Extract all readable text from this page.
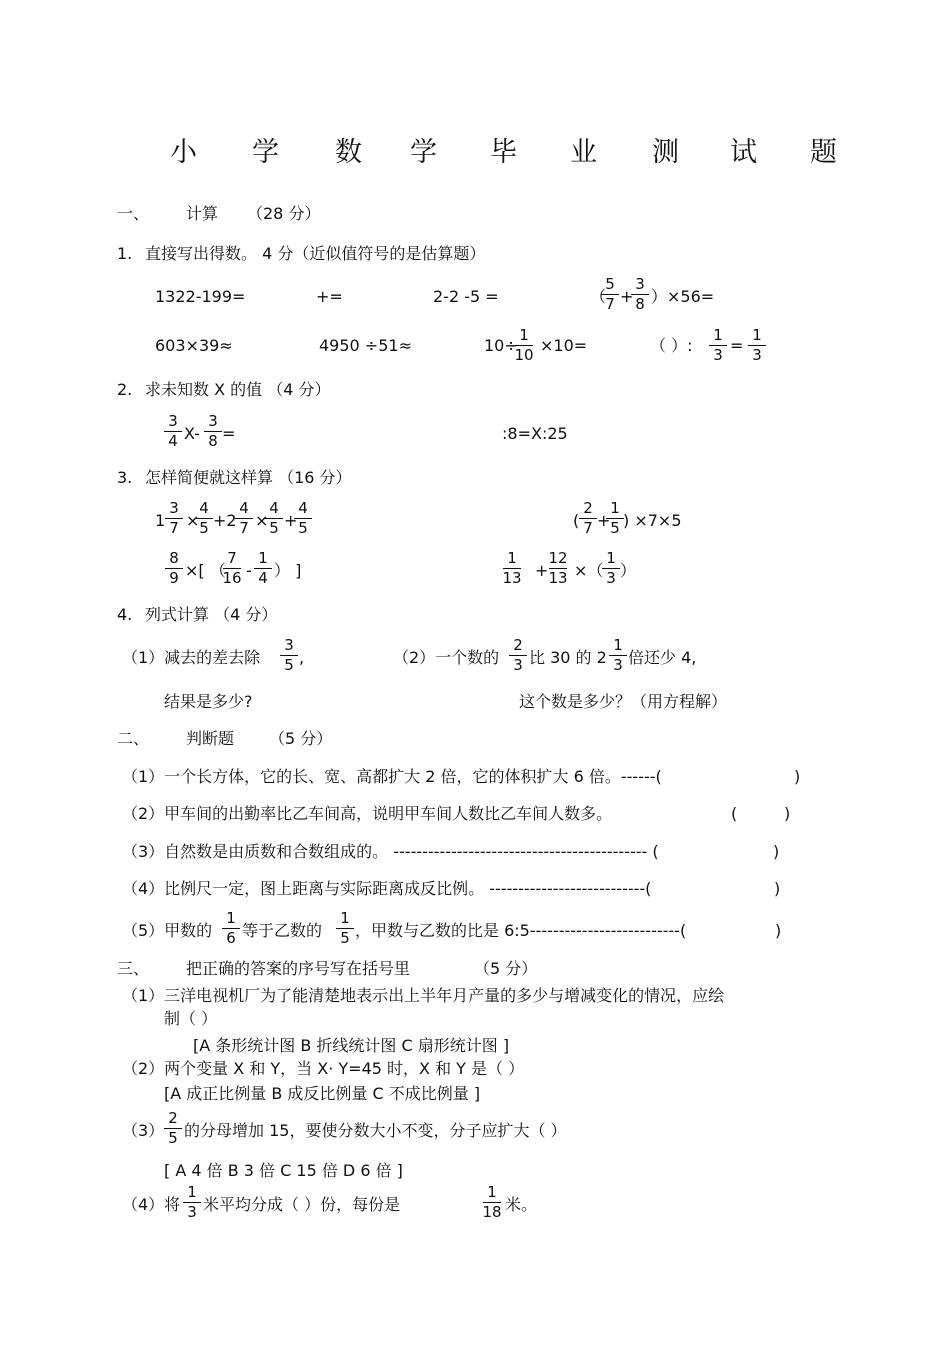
小 学 数 学 毕 业 测 试 题
一、 计算 （28 分）
1. 直接写出得数。 4 分（近似值符号的是估算题）
1322-199=	+=	2-2 -5 =	（
5
7 +
3
8 ）×56=
603×39≈	4950 ÷51≈	10÷
1
10 ×10=	（ ）:
1
3 =
1
3
2. 求未知数 X 的值 （4 分）
3
4 X-
3
8 =	:8=X:25
3. 怎样简便就这样算 （16 分）
1
3
7 ×
4
5 +2
4
7 ×
4
5 +
4
5	(
2
7 +
1
5 ) ×7×5
8
9 ×[ （
7
16 -
1
4 ） ]
1
13 +
12
13 ×（
1
3 ）
4. 列式计算 （4 分）
（1）减去的差去除
3
5 ,
结果是多少?
（2）一个数的
2
3 比 30 的 2
1
3 倍还少 4,
这个数是多少？（用方程解）
二、 判断题 （5 分）
（1）一个长方体，它的长、宽、高都扩大 2 倍，它的体积扩大 6 倍。------(	)
（2）甲车间的出勤率比乙车间高，说明甲车间人数比乙车间人数多。	(	)
（3）自然数是由质数和合数组成的。 -------------------------------------------- (	)
（4）比例尺一定，图上距离与实际距离成反比例。 ---------------------------(	)
（5）甲数的
1
6 等于乙数的
1
5 ，甲数与乙数的比是 6:5--------------------------(	)
三、 把正确的答案的序号写在括号里	（5 分）
（1）三洋电视机厂为了能清楚地表示出上半年月产量的多少与增减变化的情况，应绘
制（ ）
[A 条形统计图 B 折线统计图 C 扇形统计图 ]
（2）两个变量 X 和 Y，当 X· Y=45 时，X 和 Y 是（ ）
[A 成正比例量 B 成反比例量 C 不成比例量 ]
（3）
2
5 的分母增加 15，要使分数大小不变，分子应扩大（ ）
[ A 4 倍 B 3 倍 C 15 倍 D 6 倍 ]
（4）将
1
3 米平均分成（ ）份，每份是
1
18 米。
